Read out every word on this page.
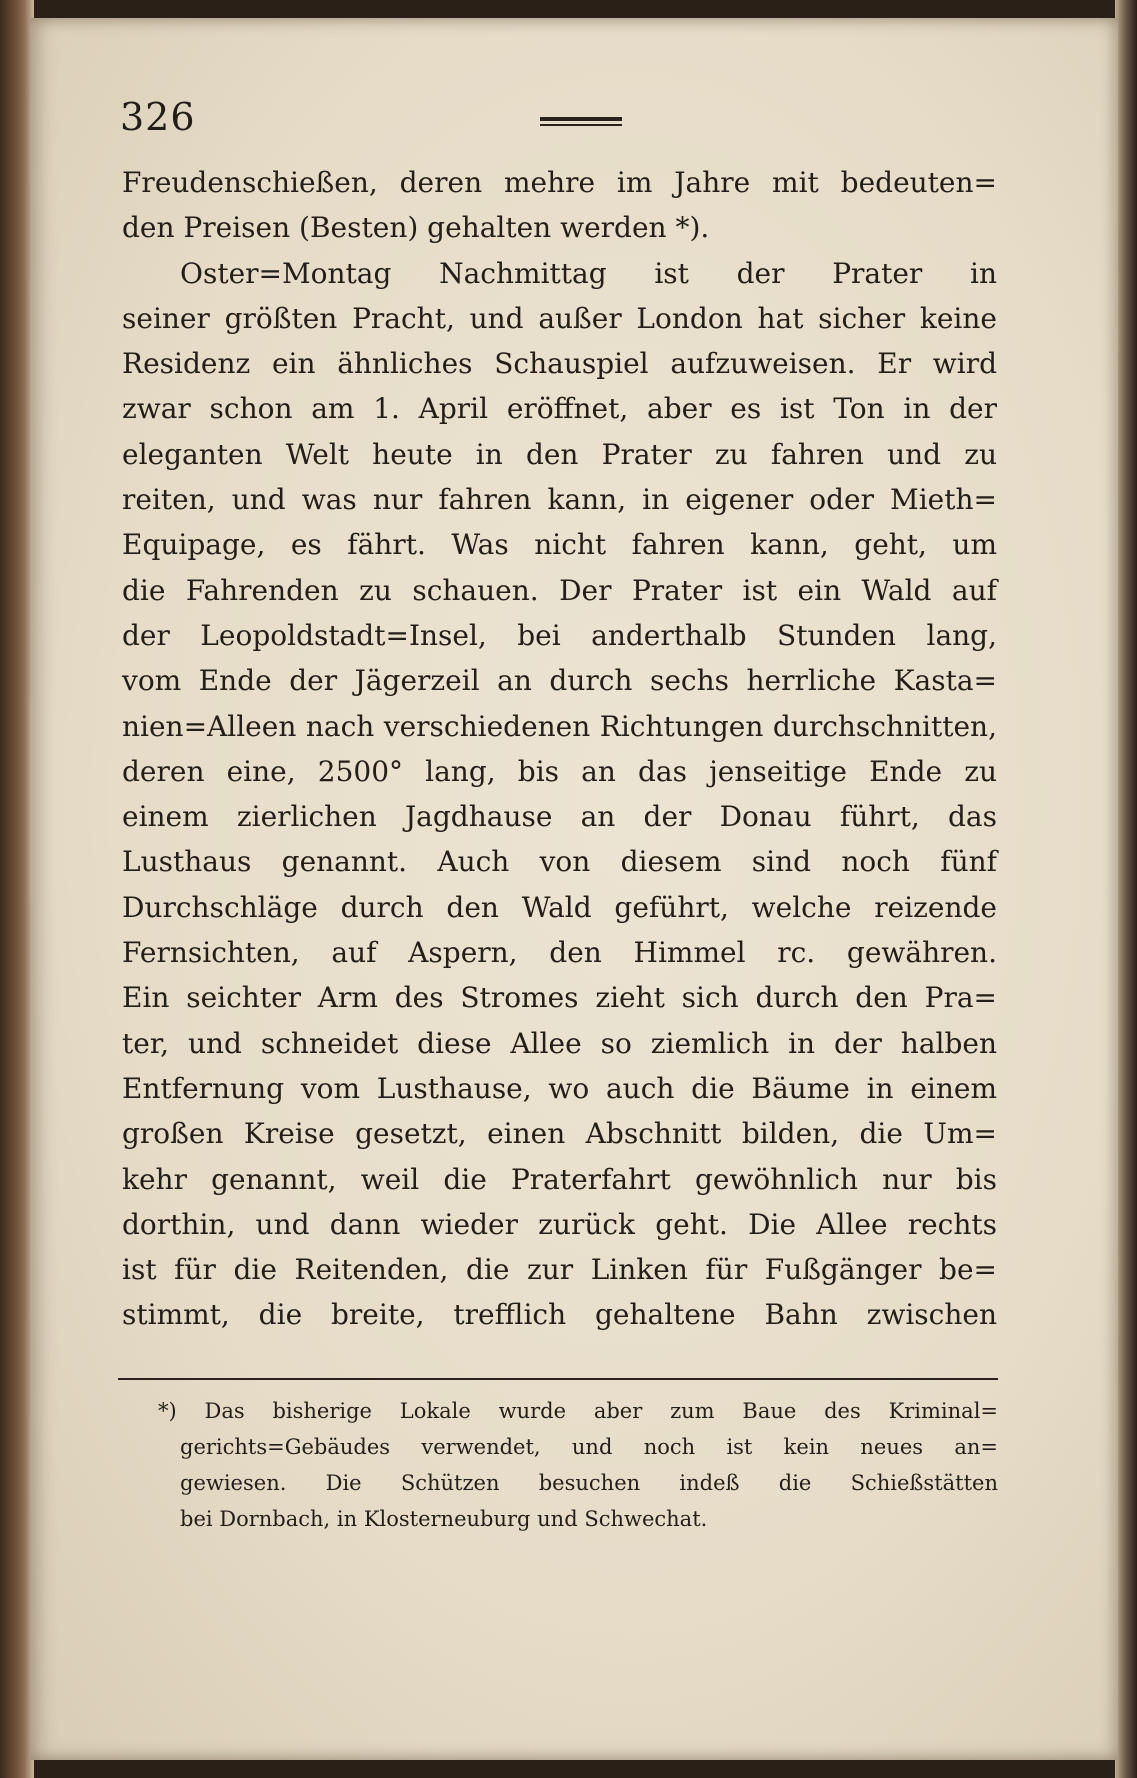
326
Freudenschießen, deren mehre im Jahre mit bedeuten=
den Preisen (Besten) gehalten werden *).
Oster=Montag Nachmittag ist der Prater in
seiner größten Pracht, und außer London hat sicher keine
Residenz ein ähnliches Schauspiel aufzuweisen. Er wird
zwar schon am 1. April eröffnet, aber es ist Ton in der
eleganten Welt heute in den Prater zu fahren und zu
reiten, und was nur fahren kann, in eigener oder Mieth=
Equipage, es fährt. Was nicht fahren kann, geht, um
die Fahrenden zu schauen. Der Prater ist ein Wald auf
der Leopoldstadt=Insel, bei anderthalb Stunden lang,
vom Ende der Jägerzeil an durch sechs herrliche Kasta=
nien=Alleen nach verschiedenen Richtungen durchschnitten,
deren eine, 2500° lang, bis an das jenseitige Ende zu
einem zierlichen Jagdhause an der Donau führt, das
Lusthaus genannt. Auch von diesem sind noch fünf
Durchschläge durch den Wald geführt, welche reizende
Fernsichten, auf Aspern, den Himmel rc. gewähren.
Ein seichter Arm des Stromes zieht sich durch den Pra=
ter, und schneidet diese Allee so ziemlich in der halben
Entfernung vom Lusthause, wo auch die Bäume in einem
großen Kreise gesetzt, einen Abschnitt bilden, die Um=
kehr genannt, weil die Praterfahrt gewöhnlich nur bis
dorthin, und dann wieder zurück geht. Die Allee rechts
ist für die Reitenden, die zur Linken für Fußgänger be=
stimmt, die breite, trefflich gehaltene Bahn zwischen
*) Das bisherige Lokale wurde aber zum Baue des Kriminal=
gerichts=Gebäudes verwendet, und noch ist kein neues an=
gewiesen. Die Schützen besuchen indeß die Schießstätten
bei Dornbach, in Klosterneuburg und Schwechat.
